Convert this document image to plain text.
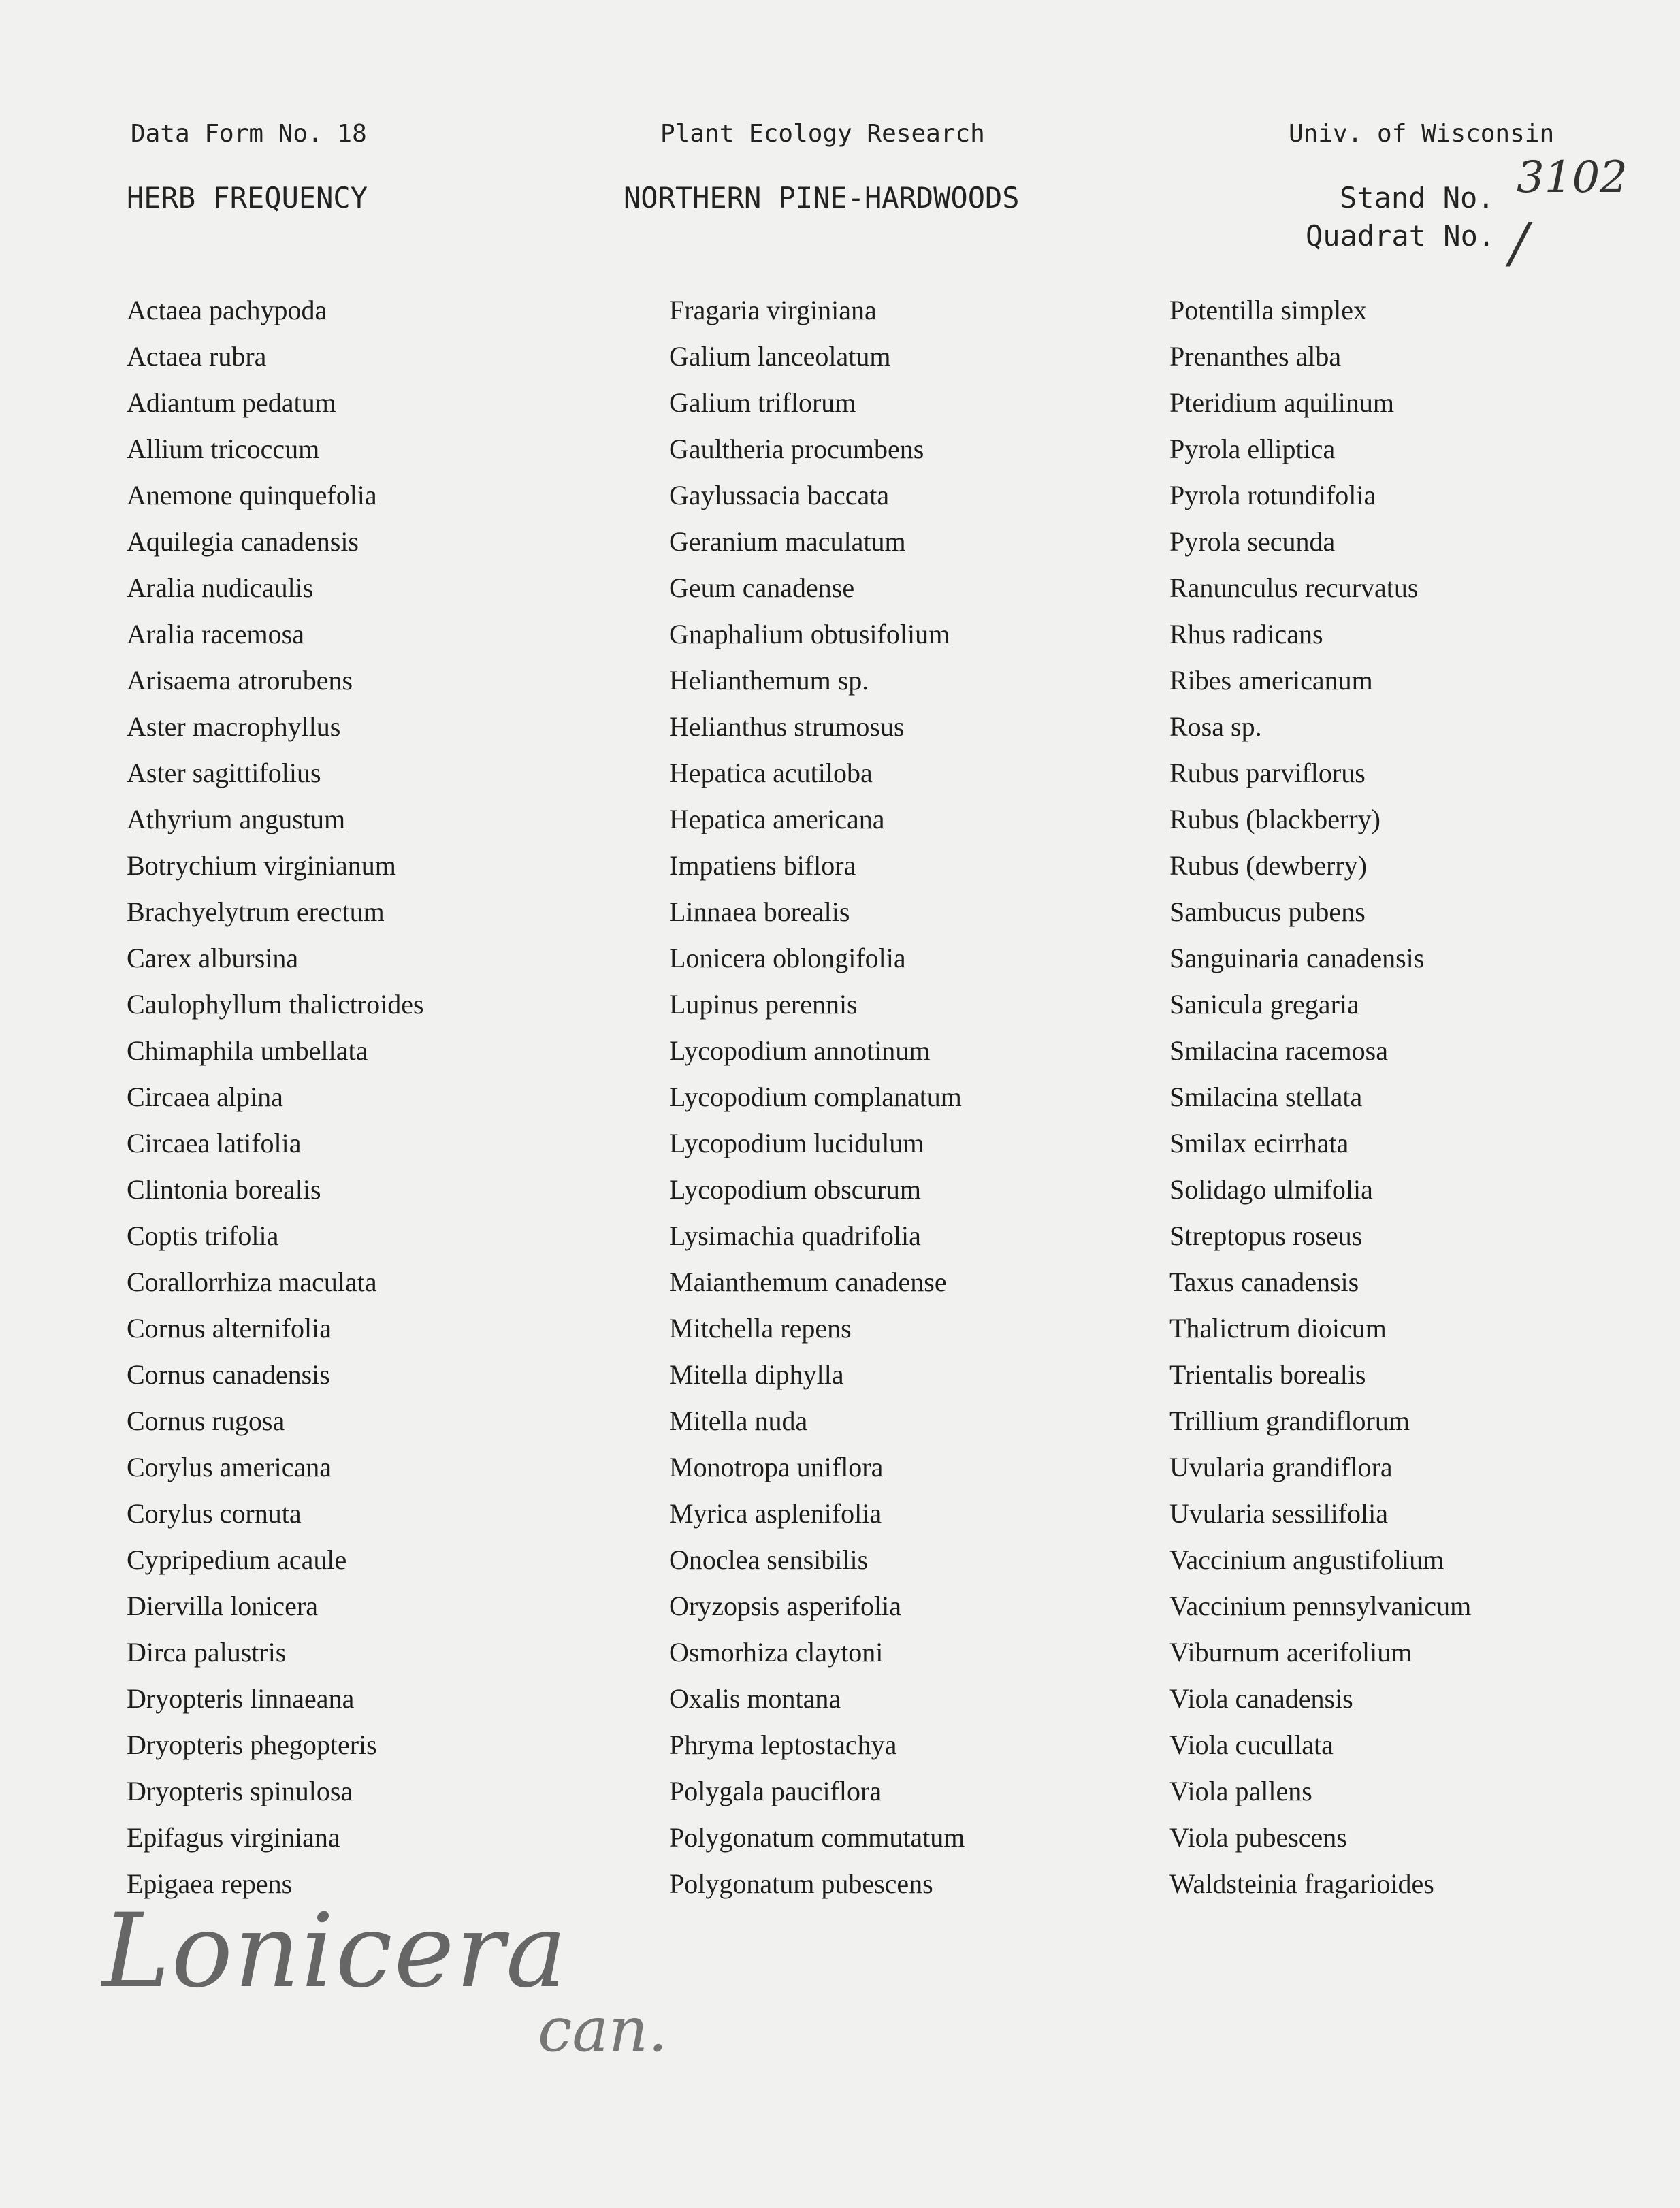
Data Form No. 18	Plant Ecology Research	Univ. of Wisconsin
HERB FREQUENCY	NORTHERN PINE-HARDWOODS	Stand No. 3102
Quadrat No. /
Actaea pachypoda
Actaea rubra
Adiantum pedatum
Allium tricoccum
Anemone quinquefolia
Aquilegia canadensis
Aralia nudicaulis
Aralia racemosa
Arisaema atrorubens
Aster macrophyllus
Aster sagittifolius
Athyrium angustum
Botrychium virginianum
Brachyelytrum erectum
Carex albursina
Caulophyllum thalictroides
Chimaphila umbellata
Circaea alpina
Circaea latifolia
Clintonia borealis
Coptis trifolia
Corallorrhiza maculata
Cornus alternifolia
Cornus canadensis
Cornus rugosa
Corylus americana
Corylus cornuta
Cypripedium acaule
Diervilla lonicera
Dirca palustris
Dryopteris linnaeana
Dryopteris phegopteris
Dryopteris spinulosa
Epifagus virginiana
Epigaea repens
Fragaria virginiana
Galium lanceolatum
Galium triflorum
Gaultheria procumbens
Gaylussacia baccata
Geranium maculatum
Geum canadense
Gnaphalium obtusifolium
Helianthemum sp.
Helianthus strumosus
Hepatica acutiloba
Hepatica americana
Impatiens biflora
Linnaea borealis
Lonicera oblongifolia
Lupinus perennis
Lycopodium annotinum
Lycopodium complanatum
Lycopodium lucidulum
Lycopodium obscurum
Lysimachia quadrifolia
Maianthemum canadense
Mitchella repens
Mitella diphylla
Mitella nuda
Monotropa uniflora
Myrica asplenifolia
Onoclea sensibilis
Oryzopsis asperifolia
Osmorhiza claytoni
Oxalis montana
Phryma leptostachya
Polygala pauciflora
Polygonatum commutatum
Polygonatum pubescens
Potentilla simplex
Prenanthes alba
Pteridium aquilinum
Pyrola elliptica
Pyrola rotundifolia
Pyrola secunda
Ranunculus recurvatus
Rhus radicans
Ribes americanum
Rosa sp.
Rubus parviflorus
Rubus (blackberry)
Rubus (dewberry)
Sambucus pubens
Sanguinaria canadensis
Sanicula gregaria
Smilacina racemosa
Smilacina stellata
Smilax ecirrhata
Solidago ulmifolia
Streptopus roseus
Taxus canadensis
Thalictrum dioicum
Trientalis borealis
Trillium grandiflorum
Uvularia grandiflora
Uvularia sessilifolia
Vaccinium angustifolium
Vaccinium pennsylvanicum
Viburnum acerifolium
Viola canadensis
Viola cucullata
Viola pallens
Viola pubescens
Waldsteinia fragarioides
Lonicera
can.
